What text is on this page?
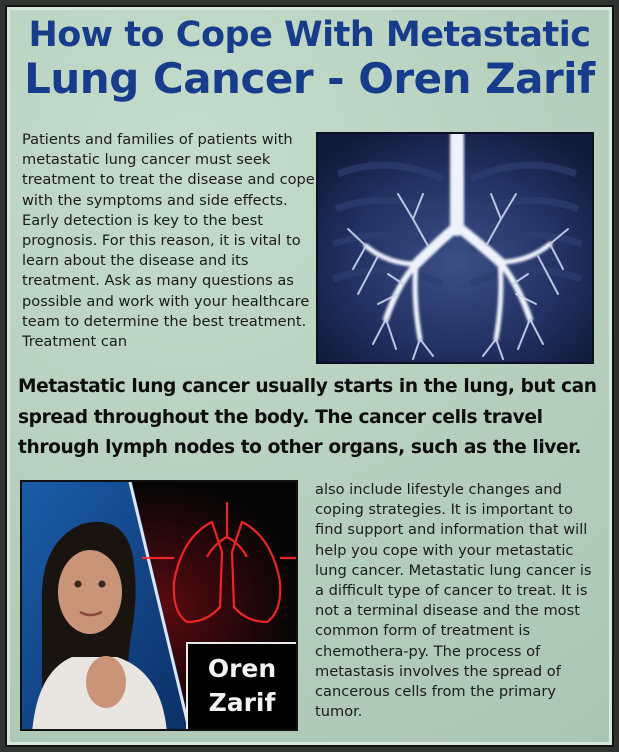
How to Cope With Metastatic
Lung Cancer - Oren Zarif

Patients and families of patients with metastatic lung cancer must seek treatment to treat the disease and cope with the symptoms and side effects. Early detection is key to the best prognosis. For this reason, it is vital to learn about the disease and its treatment. Ask as many questions as possible and work with your healthcare team to determine the best treatment. Treatment can

Metastatic lung cancer usually starts in the lung, but can spread throughout the body. The cancer cells travel through lymph nodes to other organs, such as the liver.

Oren
Zarif

also include lifestyle changes and coping strategies. It is important to find support and information that will help you cope with your metastatic lung cancer. Metastatic lung cancer is a difficult type of cancer to treat. It is not a terminal disease and the most common form of treatment is chemothera-py. The process of metastasis involves the spread of cancerous cells from the primary tumor.
